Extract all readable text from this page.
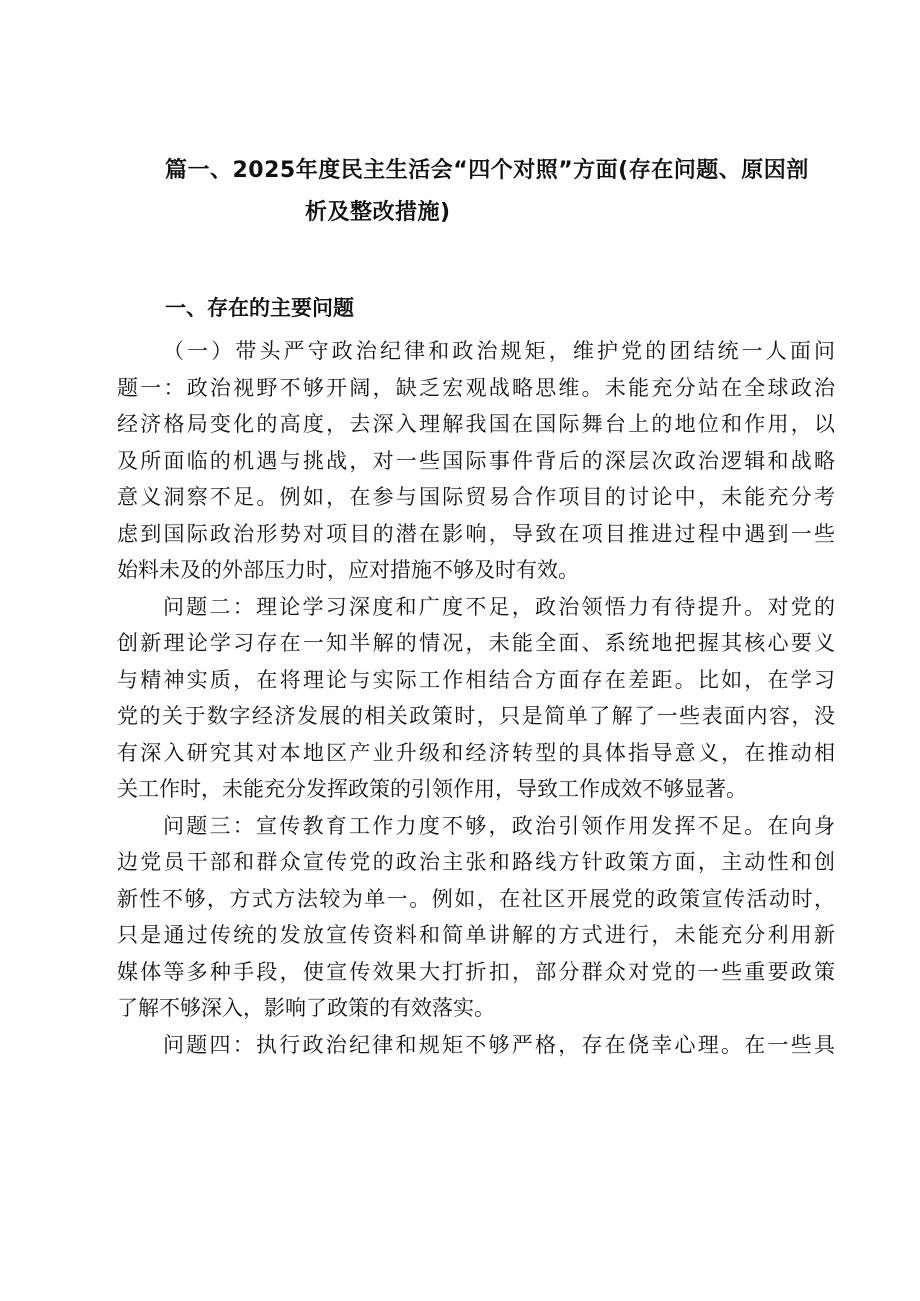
篇一、2025年度民主生活会“四个对照”方面(存在问题、原因剖
析及整改措施)
一、存在的主要问题
（一）带头严守政治纪律和政治规矩，维护党的团结统一人面问
题一：政治视野不够开阔，缺乏宏观战略思维。未能充分站在全球政治
经济格局变化的高度，去深入理解我国在国际舞台上的地位和作用，以
及所面临的机遇与挑战，对一些国际事件背后的深层次政治逻辑和战略
意义洞察不足。例如，在参与国际贸易合作项目的讨论中，未能充分考
虑到国际政治形势对项目的潜在影响，导致在项目推进过程中遇到一些
始料未及的外部压力时，应对措施不够及时有效。
问题二：理论学习深度和广度不足，政治领悟力有待提升。对党的
创新理论学习存在一知半解的情况，未能全面、系统地把握其核心要义
与精神实质，在将理论与实际工作相结合方面存在差距。比如，在学习
党的关于数字经济发展的相关政策时，只是简单了解了一些表面内容，没
有深入研究其对本地区产业升级和经济转型的具体指导意义，在推动相
关工作时，未能充分发挥政策的引领作用，导致工作成效不够显著。
问题三：宣传教育工作力度不够，政治引领作用发挥不足。在向身
边党员干部和群众宣传党的政治主张和路线方针政策方面，主动性和创
新性不够，方式方法较为单一。例如，在社区开展党的政策宣传活动时，
只是通过传统的发放宣传资料和简单讲解的方式进行，未能充分利用新
媒体等多种手段，使宣传效果大打折扣，部分群众对党的一些重要政策
了解不够深入，影响了政策的有效落实。
问题四：执行政治纪律和规矩不够严格，存在侥幸心理。在一些具
